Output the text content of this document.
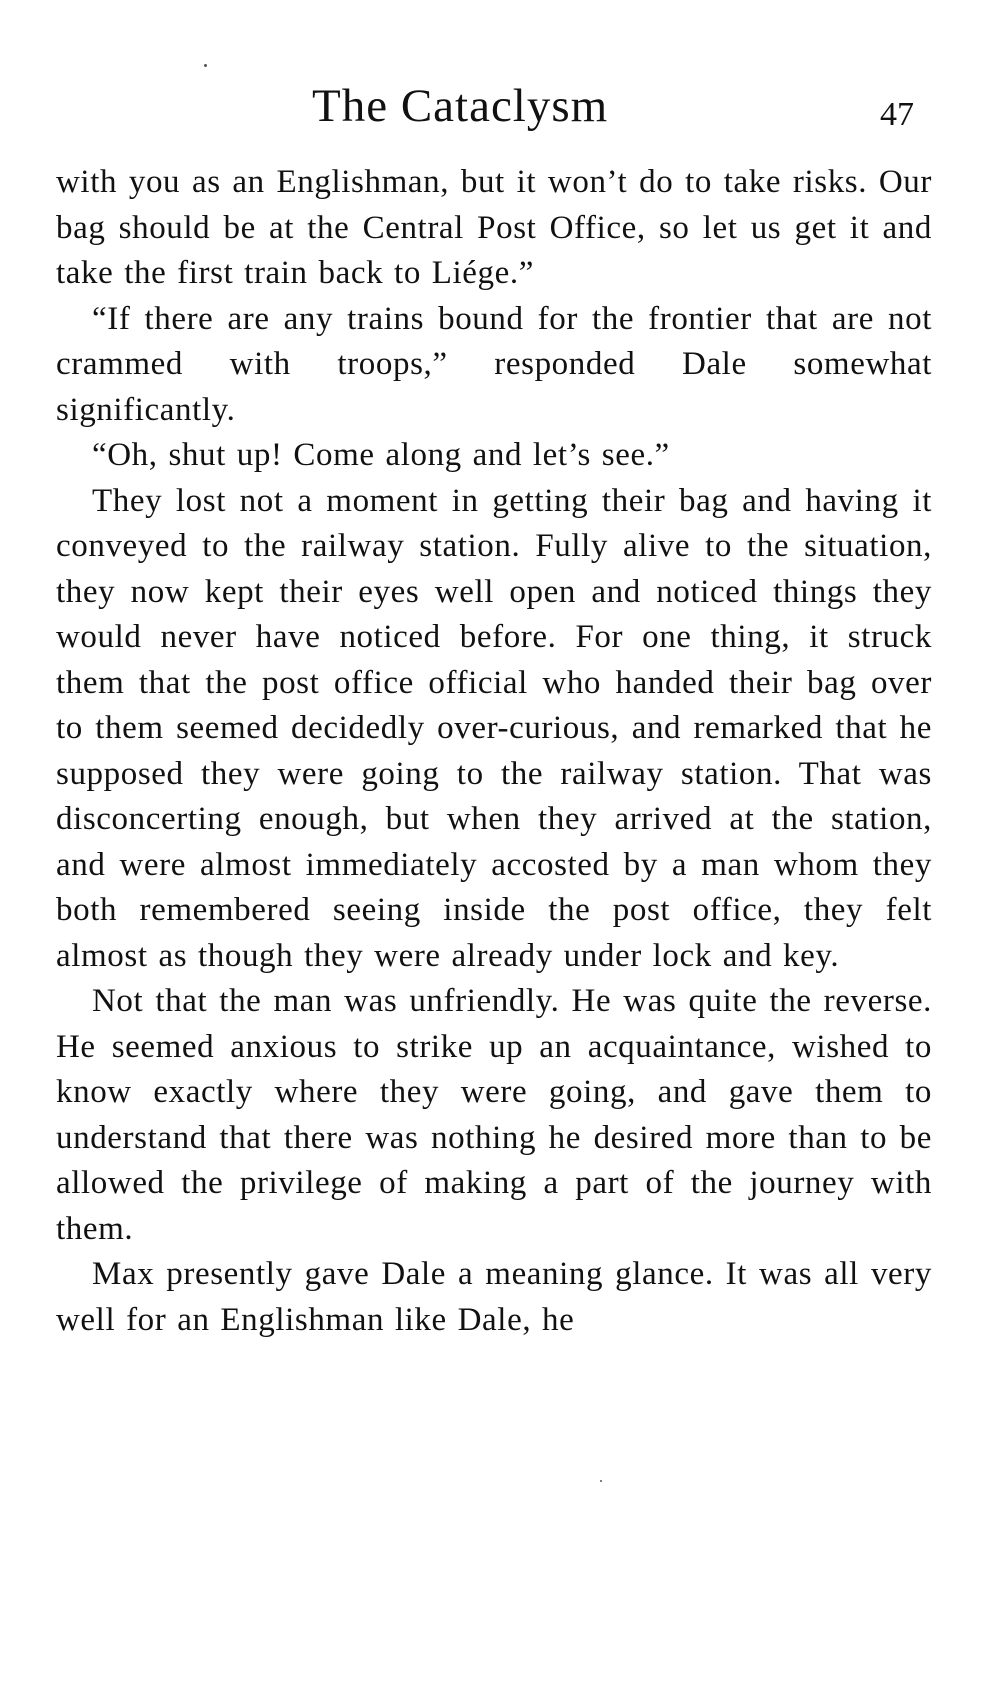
The Cataclysm	47

with you as an Englishman, but it won’t do to take risks. Our bag should be at the Central Post Office, so let us get it and take the first train back to Liége.”

“If there are any trains bound for the frontier that are not crammed with troops,” responded Dale somewhat significantly.

“Oh, shut up! Come along and let’s see.”

They lost not a moment in getting their bag and having it conveyed to the railway station. Fully alive to the situation, they now kept their eyes well open and noticed things they would never have noticed before. For one thing, it struck them that the post office official who handed their bag over to them seemed decidedly over-curious, and remarked that he supposed they were going to the railway station. That was disconcerting enough, but when they arrived at the station, and were almost immediately accosted by a man whom they both remembered seeing inside the post office, they felt almost as though they were already under lock and key.

Not that the man was unfriendly. He was quite the reverse. He seemed anxious to strike up an acquaintance, wished to know exactly where they were going, and gave them to understand that there was nothing he desired more than to be allowed the privilege of making a part of the journey with them.

Max presently gave Dale a meaning glance. It was all very well for an Englishman like Dale, he
